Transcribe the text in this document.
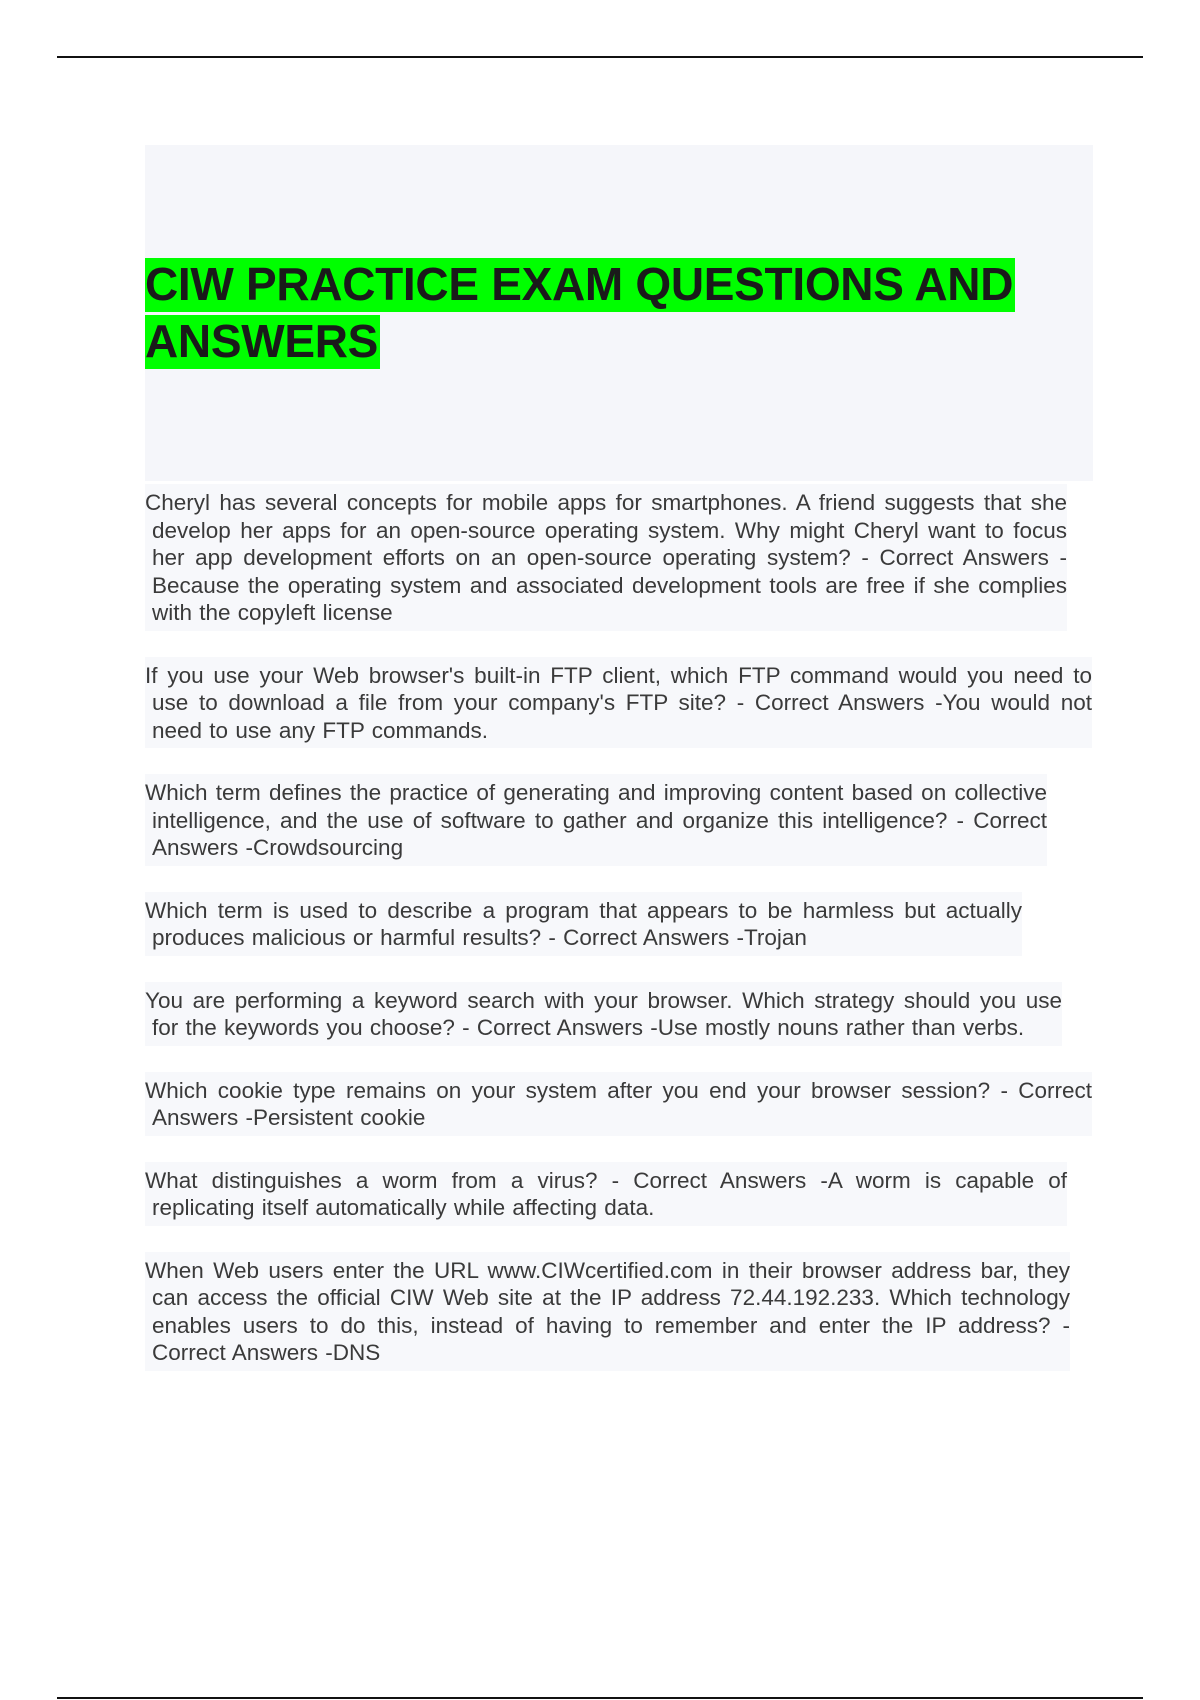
CIW PRACTICE EXAM QUESTIONS AND ANSWERS

Cheryl has several concepts for mobile apps for smartphones. A friend suggests that she develop her apps for an open-source operating system. Why might Cheryl want to focus her app development efforts on an open-source operating system? - Correct Answers -Because the operating system and associated development tools are free if she complies with the copyleft license

If you use your Web browser's built-in FTP client, which FTP command would you need to use to download a file from your company's FTP site? - Correct Answers -You would not need to use any FTP commands.

Which term defines the practice of generating and improving content based on collective intelligence, and the use of software to gather and organize this intelligence? - Correct Answers -Crowdsourcing

Which term is used to describe a program that appears to be harmless but actually produces malicious or harmful results? - Correct Answers -Trojan

You are performing a keyword search with your browser. Which strategy should you use for the keywords you choose? - Correct Answers -Use mostly nouns rather than verbs.

Which cookie type remains on your system after you end your browser session? - Correct Answers -Persistent cookie

What distinguishes a worm from a virus? - Correct Answers -A worm is capable of replicating itself automatically while affecting data.

When Web users enter the URL www.CIWcertified.com in their browser address bar, they can access the official CIW Web site at the IP address 72.44.192.233. Which technology enables users to do this, instead of having to remember and enter the IP address? - Correct Answers -DNS
